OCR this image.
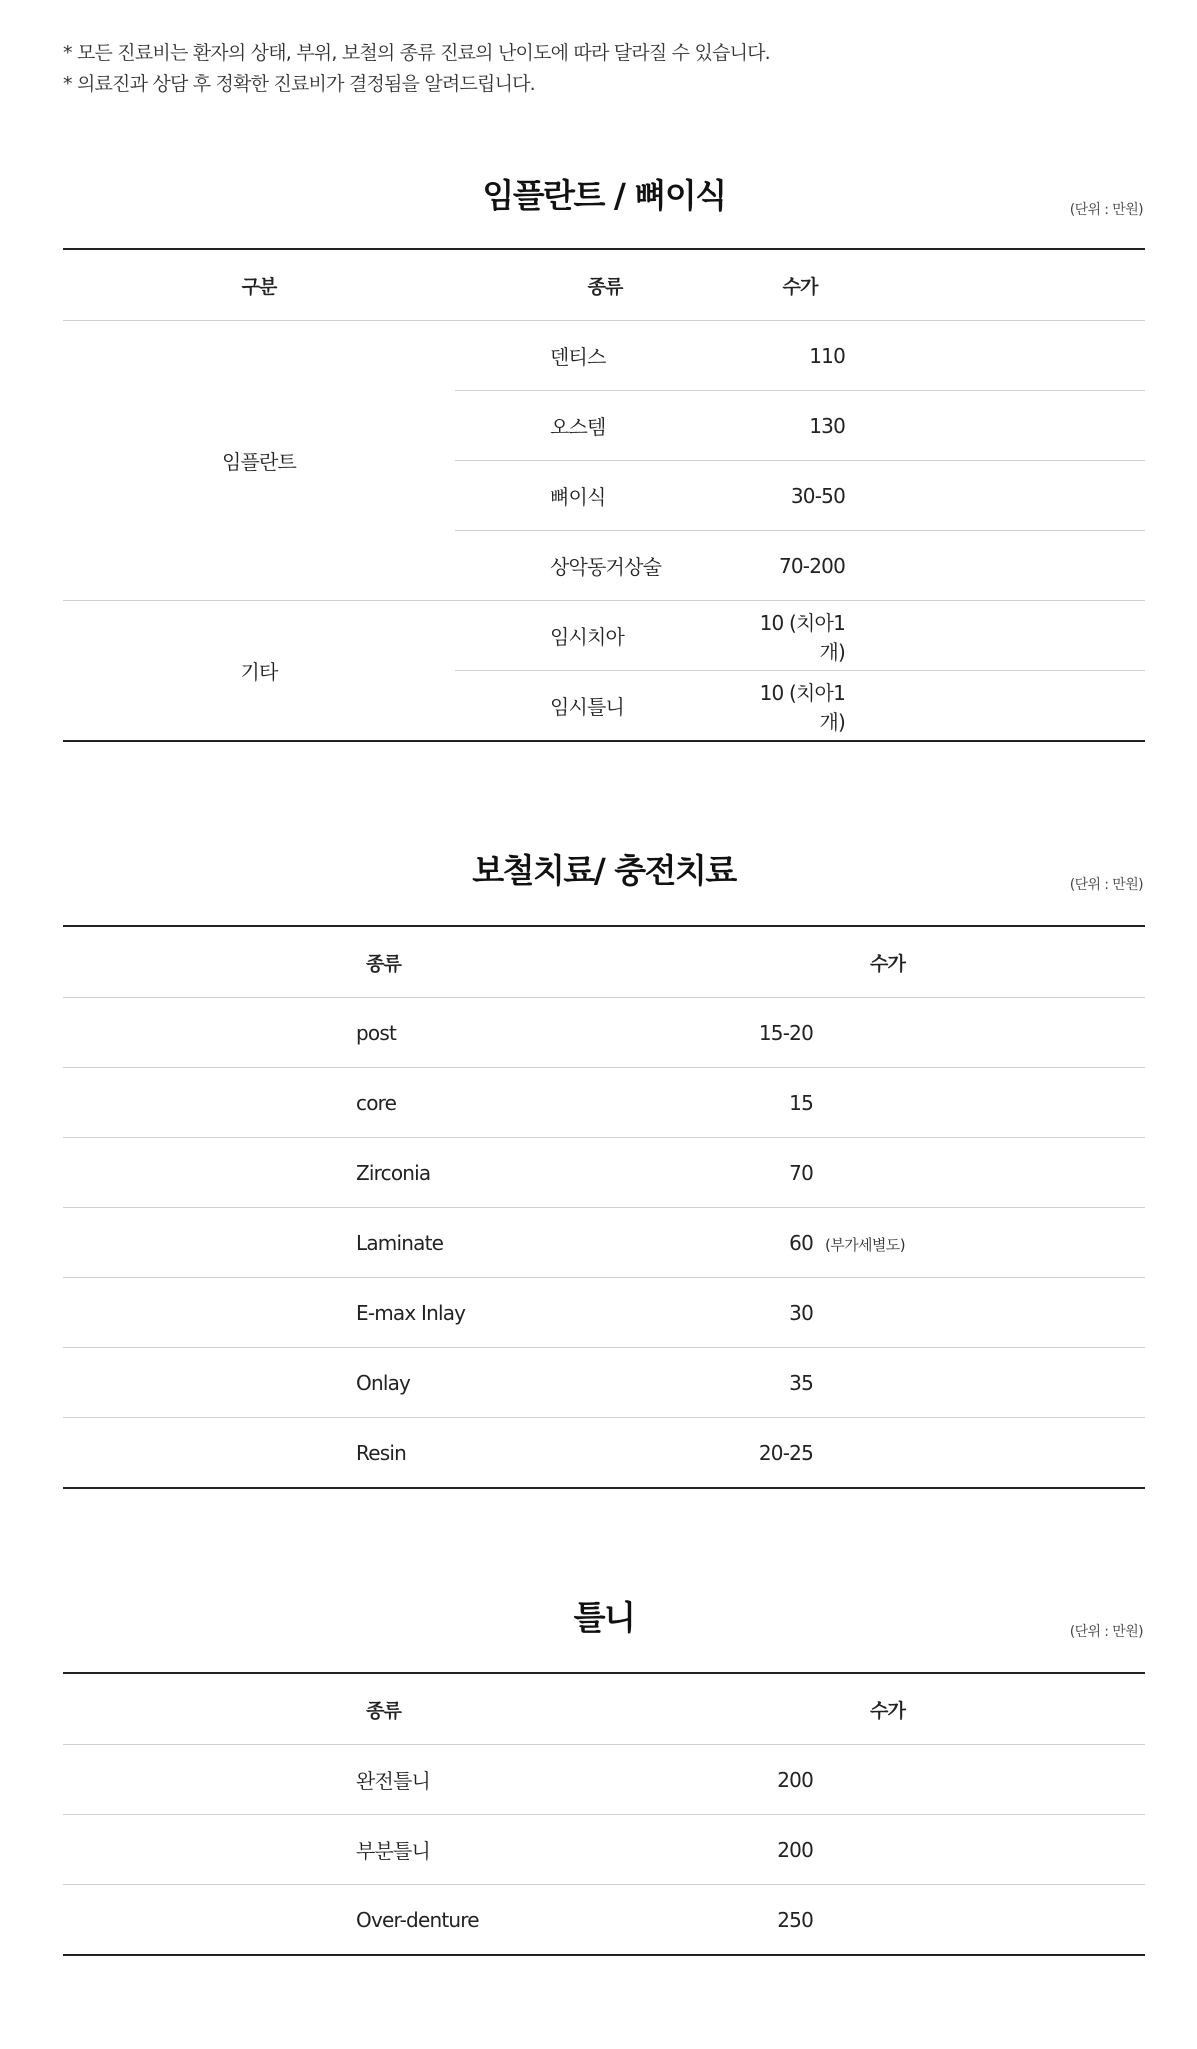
* 모든 진료비는 환자의 상태, 부위, 보철의 종류 진료의 난이도에 따라 달라질 수 있습니다.
* 의료진과 상담 후 정확한 진료비가 결정됨을 알려드립니다.
임플란트 / 뼈이식	(단위 : 만원)
구분	종류	수가	
임플란트	덴티스	110	
	오스템	130	
	뼈이식	30-50	
	상악동거상술	70-200	
기타	임시치아	10 (치아1개)	
	임시틀니	10 (치아1개)	
보철치료/ 충전치료	(단위 : 만원)
종류	수가	
post	15-20	
core	15	
Zirconia	70	
Laminate	60	(부가세별도)
E-max Inlay	30	
Onlay	35	
Resin	20-25	
틀니	(단위 : 만원)
종류	수가	
완전틀니	200	
부분틀니	200	
Over-denture	250	
